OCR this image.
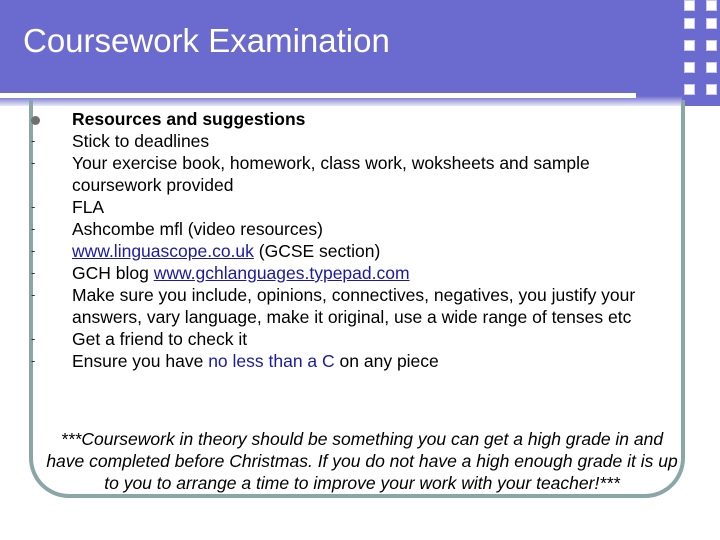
Coursework Examination
Resources and suggestions
-	Stick to deadlines
-	Your exercise book, homework, class work, woksheets and sample coursework provided
-	FLA
-	Ashcombe mfl (video resources)
-	www.linguascope.co.uk (GCSE section)
-	GCH blog www.gchlanguages.typepad.com
-	Make sure you include, opinions, connectives, negatives, you justify your answers, vary language, make it original, use a wide range of tenses etc
-	Get a friend to check it
-	Ensure you have no less than a C on any piece
***Coursework in theory should be something you can get a high grade in and have completed before Christmas. If you do not have a high enough grade it is up to you to arrange a time to improve your work with your teacher!***
